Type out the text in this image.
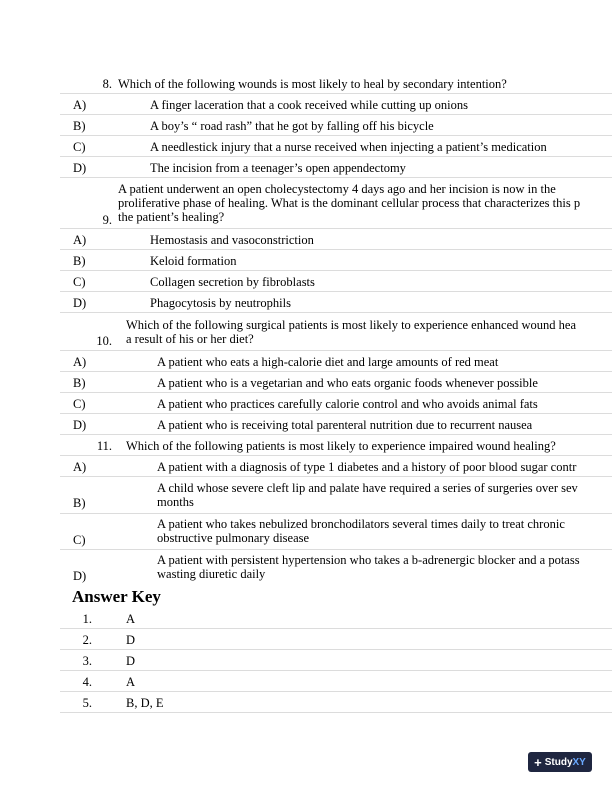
8. Which of the following wounds is most likely to heal by secondary intention?
A)	A finger laceration that a cook received while cutting up onions
B)	A boy’s “ road rash” that he got by falling off his bicycle
C)	A needlestick injury that a nurse received when injecting a patient’s medication
D)	The incision from a teenager’s open appendectomy
9.
A patient underwent an open cholecystectomy 4 days ago and her incision is now in the
proliferative phase of healing. What is the dominant cellular process that characterizes this p
the patient’s healing?
A)	Hemostasis and vasoconstriction
B)	Keloid formation
C)	Collagen secretion by fibroblasts
D)	Phagocytosis by neutrophils
10.
Which of the following surgical patients is most likely to experience enhanced wound hea
a result of his or her diet?
A)	A patient who eats a high-calorie diet and large amounts of red meat
B)	A patient who is a vegetarian and who eats organic foods whenever possible
C)	A patient who practices carefully calorie control and who avoids animal fats
D)	A patient who is receiving total parenteral nutrition due to recurrent nausea
11. Which of the following patients is most likely to experience impaired wound healing?
A)	A patient with a diagnosis of type 1 diabetes and a history of poor blood sugar contr
B)
A child whose severe cleft lip and palate have required a series of surgeries over sev
months
C)
A patient who takes nebulized bronchodilators several times daily to treat chronic
obstructive pulmonary disease
D)
A patient with persistent hypertension who takes a b-adrenergic blocker and a potass
wasting diuretic daily
Answer Key
1.	A
2.	D
3.	D
4.	A
5.	B, D, E
+ StudyXY
